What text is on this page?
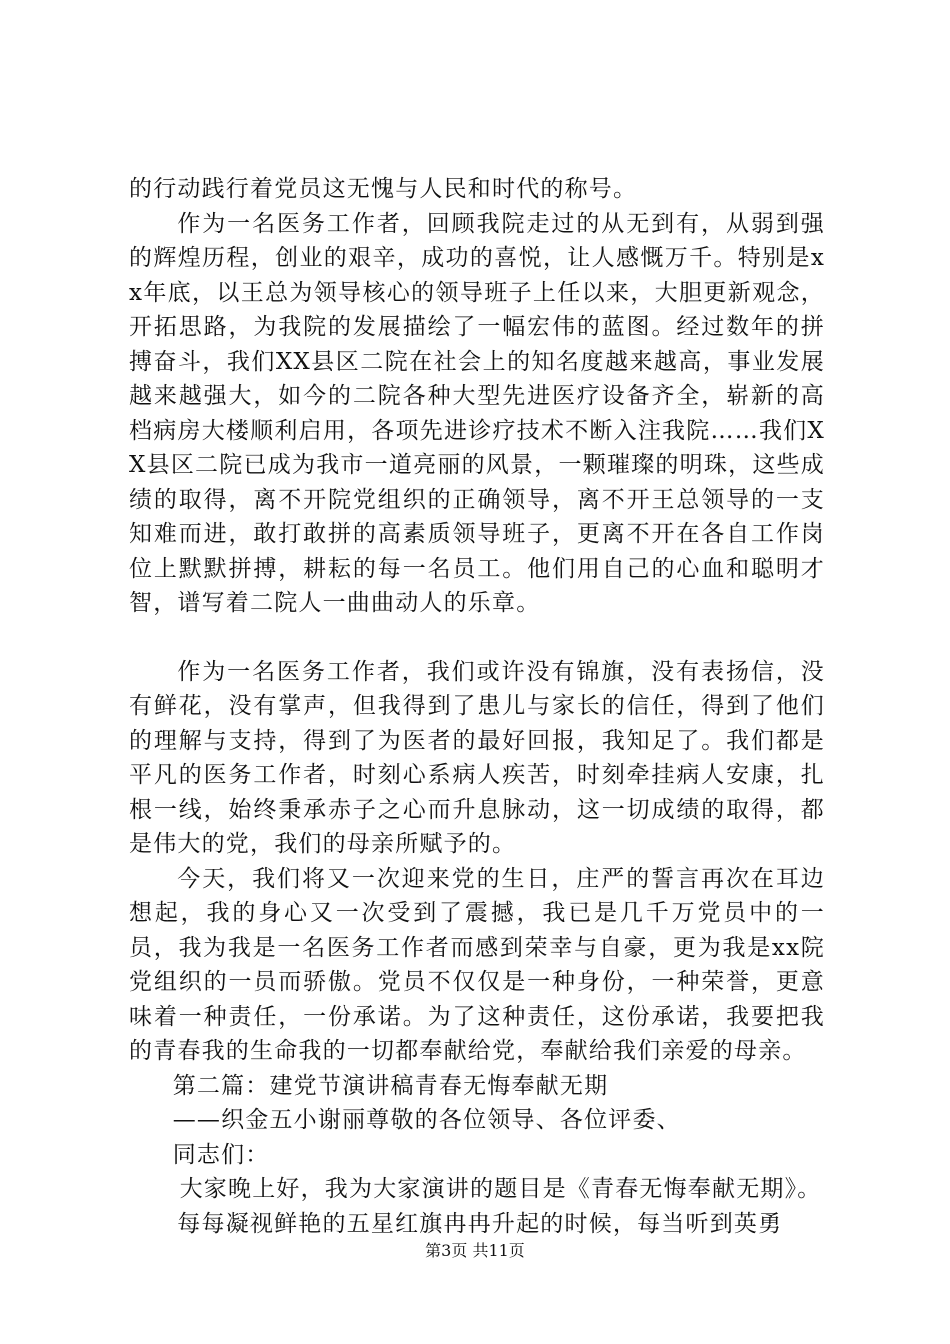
的行动践行着党员这无愧与人民和时代的称号。

作为一名医务工作者，回顾我院走过的从无到有，从弱到强的辉煌历程，创业的艰辛，成功的喜悦，让人感慨万千。特别是xx年底，以王总为领导核心的领导班子上任以来，大胆更新观念，开拓思路，为我院的发展描绘了一幅宏伟的蓝图。经过数年的拼搏奋斗，我们XX县区二院在社会上的知名度越来越高，事业发展越来越强大，如今的二院各种大型先进医疗设备齐全，崭新的高档病房大楼顺利启用，各项先进诊疗技术不断入注我院……我们XX县区二院已成为我市一道亮丽的风景，一颗璀璨的明珠，这些成绩的取得，离不开院党组织的正确领导，离不开王总领导的一支知难而进，敢打敢拼的高素质领导班子，更离不开在各自工作岗位上默默拼搏，耕耘的每一名员工。他们用自己的心血和聪明才智，谱写着二院人一曲曲动人的乐章。

作为一名医务工作者，我们或许没有锦旗，没有表扬信，没有鲜花，没有掌声，但我得到了患儿与家长的信任，得到了他们的理解与支持，得到了为医者的最好回报，我知足了。我们都是平凡的医务工作者，时刻心系病人疾苦，时刻牵挂病人安康，扎根一线，始终秉承赤子之心而升息脉动，这一切成绩的取得，都是伟大的党，我们的母亲所赋予的。

今天，我们将又一次迎来党的生日，庄严的誓言再次在耳边想起，我的身心又一次受到了震撼，我已是几千万党员中的一员，我为我是一名医务工作者而感到荣幸与自豪，更为我是xx院党组织的一员而骄傲。党员不仅仅是一种身份，一种荣誉，更意味着一种责任，一份承诺。为了这种责任，这份承诺，我要把我的青春我的生命我的一切都奉献给党，奉献给我们亲爱的母亲。

第二篇：建党节演讲稿青春无悔奉献无期

——织金五小谢丽尊敬的各位领导、各位评委、

同志们：

大家晚上好，我为大家演讲的题目是《青春无悔奉献无期》。

每每凝视鲜艳的五星红旗冉冉升起的时候，每当听到英勇

第3页 共11页
